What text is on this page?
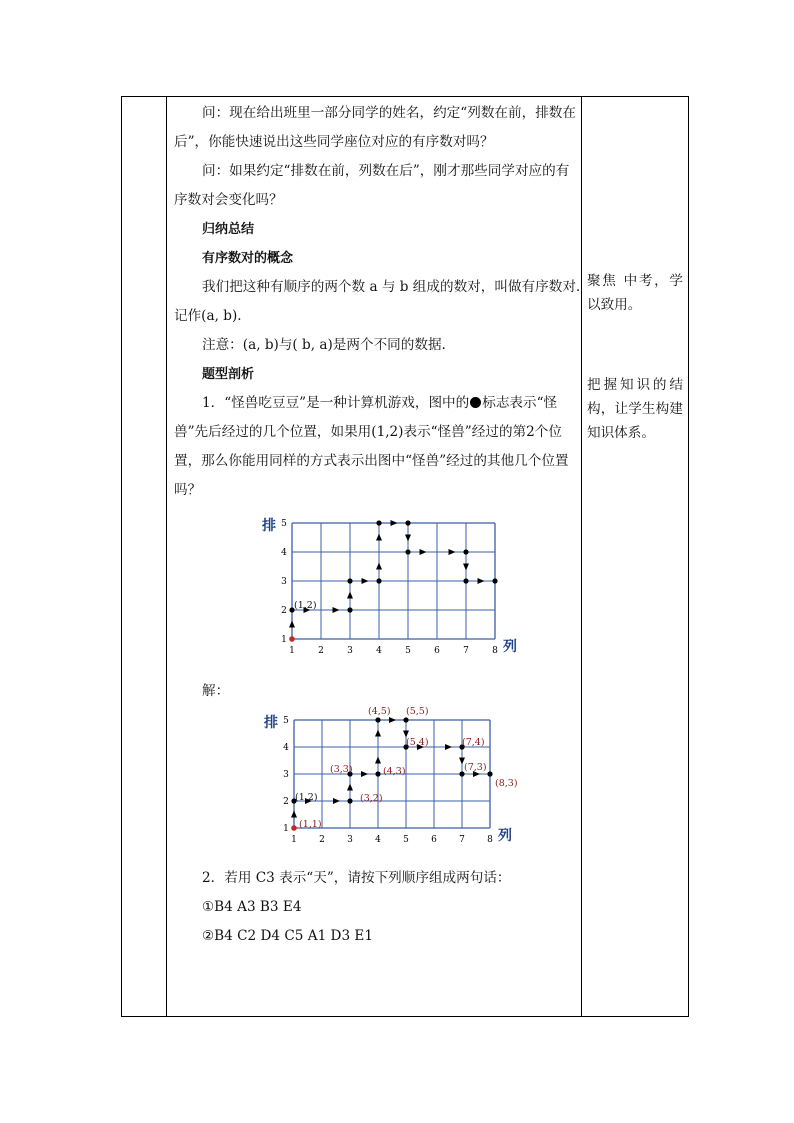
问：现在给出班里一部分同学的姓名，约定“列数在前，排数在后”，你能快速说出这些同学座位对应的有序数对吗？

问：如果约定“排数在前，列数在后”，刚才那些同学对应的有序数对会变化吗？

归纳总结

有序数对的概念

我们把这种有顺序的两个数 a 与 b 组成的数对，叫做有序数对.记作(a, b).

注意：(a, b)与( b, a)是两个不同的数据.

题型剖析

1．“怪兽吃豆豆”是一种计算机游戏，图中的 标志表示“怪兽”先后经过的几个位置，如果用(1,2)表示“怪兽”经过的第2个位置，那么你能用同样的方式表示出图中“怪兽”经过的其他几个位置吗？

1	2	3	4	5	6	7	8
1
2
3
4
5
排
列
(1,2)

解：

1 2 3 4 5 6 7 8
1
2
3
4
5
排
列
(1,1)
(1,2)	(3,2)
(3,3)	(4,3)
(4,5) (5,5)
(5,4)	(7,4)
(7,3)
(8,3)

2．若用 C3 表示“天”，请按下列顺序组成两句话：

①B4 A3 B3 E4

②B4 C2 D4 C5 A1 D3 E1

聚焦 中考，学以致用。
把握知识的结构，让学生构建知识体系。
